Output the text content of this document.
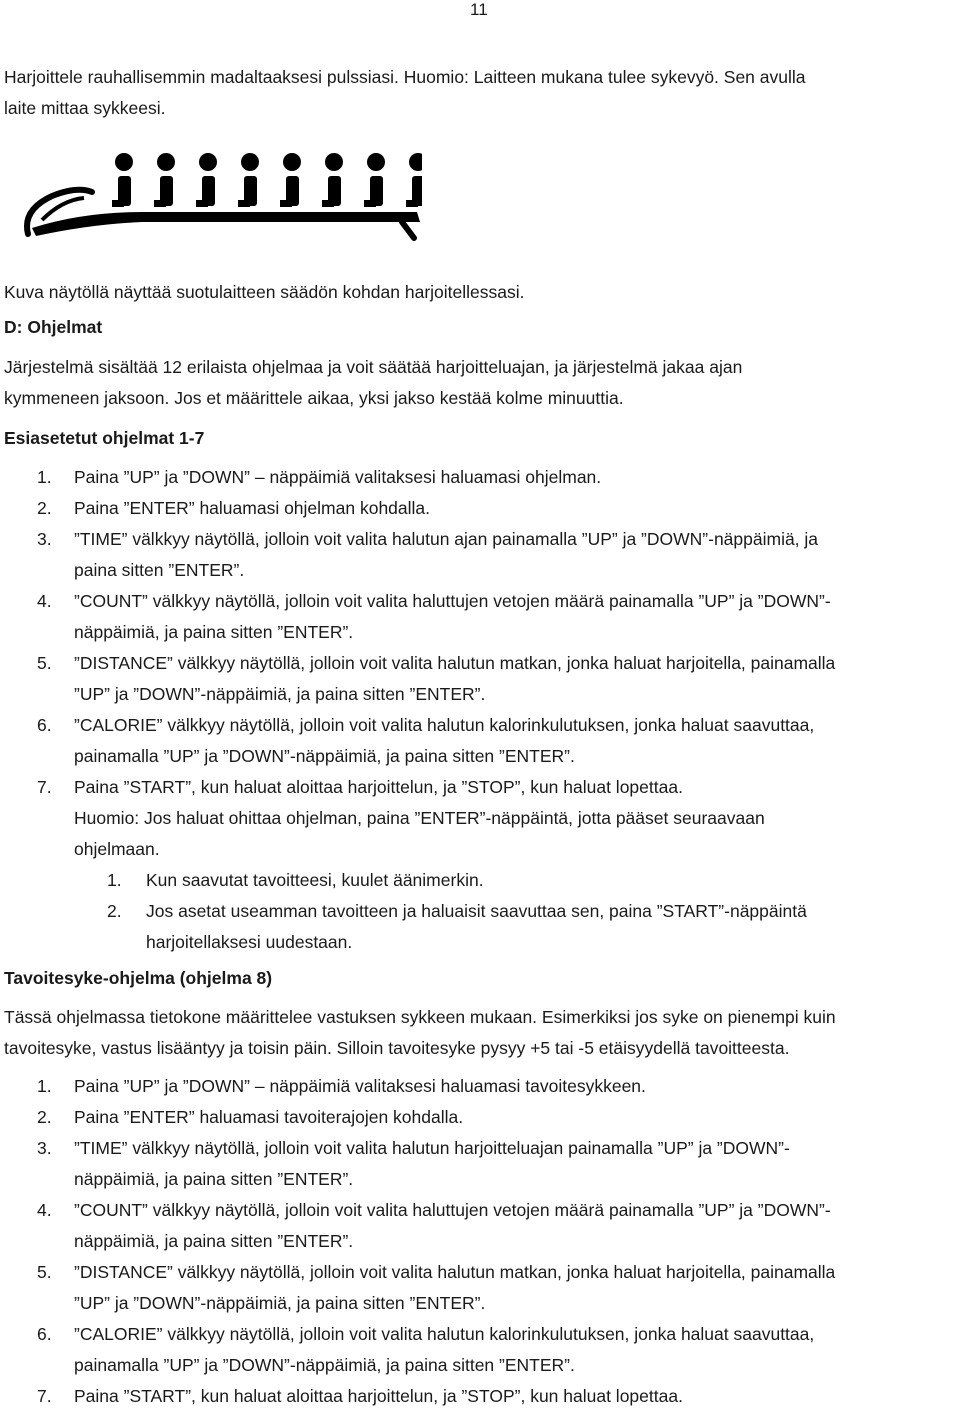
11

Harjoittele rauhallisemmin madaltaaksesi pulssiasi. Huomio: Laitteen mukana tulee sykevyö. Sen avulla

laite mittaa sykkeesi.

Kuva näytöllä näyttää suotulaitteen säädön kohdan harjoitellessasi.

D: Ohjelmat

Järjestelmä sisältää 12 erilaista ohjelmaa ja voit säätää harjoitteluajan, ja järjestelmä jakaa ajan

kymmeneen jaksoon. Jos et määrittele aikaa, yksi jakso kestää kolme minuuttia.

Esiasetetut ohjelmat 1-7

1. Paina ”UP” ja ”DOWN” – näppäimiä valitaksesi haluamasi ohjelman.
2. Paina ”ENTER” haluamasi ohjelman kohdalla.
3. ”TIME” välkkyy näytöllä, jolloin voit valita halutun ajan painamalla ”UP” ja ”DOWN”-näppäimiä, ja
paina sitten ”ENTER”.
4. ”COUNT” välkkyy näytöllä, jolloin voit valita haluttujen vetojen määrä painamalla ”UP” ja ”DOWN”-
näppäimiä, ja paina sitten ”ENTER”.
5. ”DISTANCE” välkkyy näytöllä, jolloin voit valita halutun matkan, jonka haluat harjoitella, painamalla
”UP” ja ”DOWN”-näppäimiä, ja paina sitten ”ENTER”.
6. ”CALORIE” välkkyy näytöllä, jolloin voit valita halutun kalorinkulutuksen, jonka haluat saavuttaa,
painamalla ”UP” ja ”DOWN”-näppäimiä, ja paina sitten ”ENTER”.
7. Paina ”START”, kun haluat aloittaa harjoittelun, ja ”STOP”, kun haluat lopettaa.
Huomio: Jos haluat ohittaa ohjelman, paina ”ENTER”-näppäintä, jotta pääset seuraavaan
ohjelmaan.
1. Kun saavutat tavoitteesi, kuulet äänimerkin.
2. Jos asetat useamman tavoitteen ja haluaisit saavuttaa sen, paina ”START”-näppäintä
harjoitellaksesi uudestaan.

Tavoitesyke-ohjelma (ohjelma 8)

Tässä ohjelmassa tietokone määrittelee vastuksen sykkeen mukaan. Esimerkiksi jos syke on pienempi kuin

tavoitesyke, vastus lisääntyy ja toisin päin. Silloin tavoitesyke pysyy +5 tai -5 etäisyydellä tavoitteesta.

1. Paina ”UP” ja ”DOWN” – näppäimiä valitaksesi haluamasi tavoitesykkeen.
2. Paina ”ENTER” haluamasi tavoiterajojen kohdalla.
3. ”TIME” välkkyy näytöllä, jolloin voit valita halutun harjoitteluajan painamalla ”UP” ja ”DOWN”-
näppäimiä, ja paina sitten ”ENTER”.
4. ”COUNT” välkkyy näytöllä, jolloin voit valita haluttujen vetojen määrä painamalla ”UP” ja ”DOWN”-
näppäimiä, ja paina sitten ”ENTER”.
5. ”DISTANCE” välkkyy näytöllä, jolloin voit valita halutun matkan, jonka haluat harjoitella, painamalla
”UP” ja ”DOWN”-näppäimiä, ja paina sitten ”ENTER”.
6. ”CALORIE” välkkyy näytöllä, jolloin voit valita halutun kalorinkulutuksen, jonka haluat saavuttaa,
painamalla ”UP” ja ”DOWN”-näppäimiä, ja paina sitten ”ENTER”.
7. Paina ”START”, kun haluat aloittaa harjoittelun, ja ”STOP”, kun haluat lopettaa.
